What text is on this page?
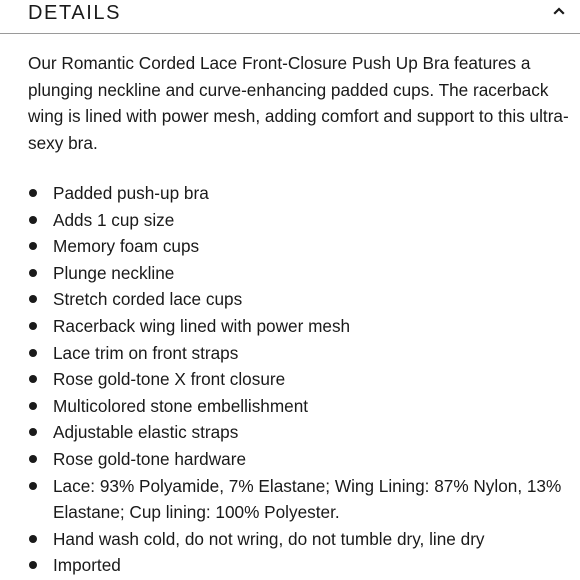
DETAILS

Our Romantic Corded Lace Front-Closure Push Up Bra features a plunging neckline and curve-enhancing padded cups. The racerback wing is lined with power mesh, adding comfort and support to this ultra-sexy bra.

Padded push-up bra
Adds 1 cup size
Memory foam cups
Plunge neckline
Stretch corded lace cups
Racerback wing lined with power mesh
Lace trim on front straps
Rose gold-tone X front closure
Multicolored stone embellishment
Adjustable elastic straps
Rose gold-tone hardware
Lace: 93% Polyamide, 7% Elastane; Wing Lining: 87% Nylon, 13% Elastane; Cup lining: 100% Polyester.
Hand wash cold, do not wring, do not tumble dry, line dry
Imported
